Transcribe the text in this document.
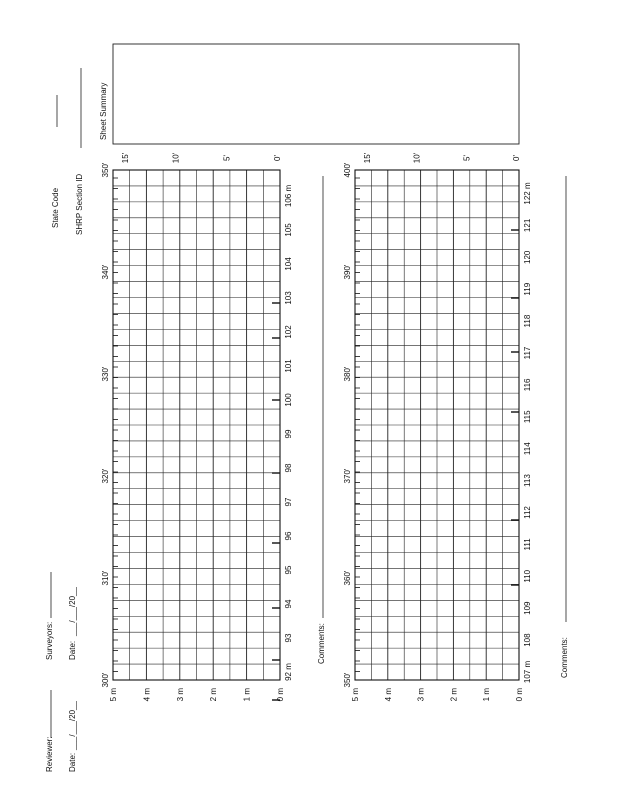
State Code SHRP Section ID
Sheet Summary
92 m
93
94
95
96
97
98
99
100
101
102
103
104
105
106 m
300'
310'
320'
330'
340'
350'
5 m	4 m	3 m	2 m	1 m	0 m
15'	10'	5'	0'
Comments:
107 m
108
109
110
111
112
113
114
115
116
117
118
119
120
121
122 m
350'
360'
370'
380'
390'
400'
5 m	4 m	3 m	2 m	1 m	0 m
15'	10'	5'	0'
Comments:
Reviewer: Date:
___/___/20__
Surveyors: Date:
___/___/20__
